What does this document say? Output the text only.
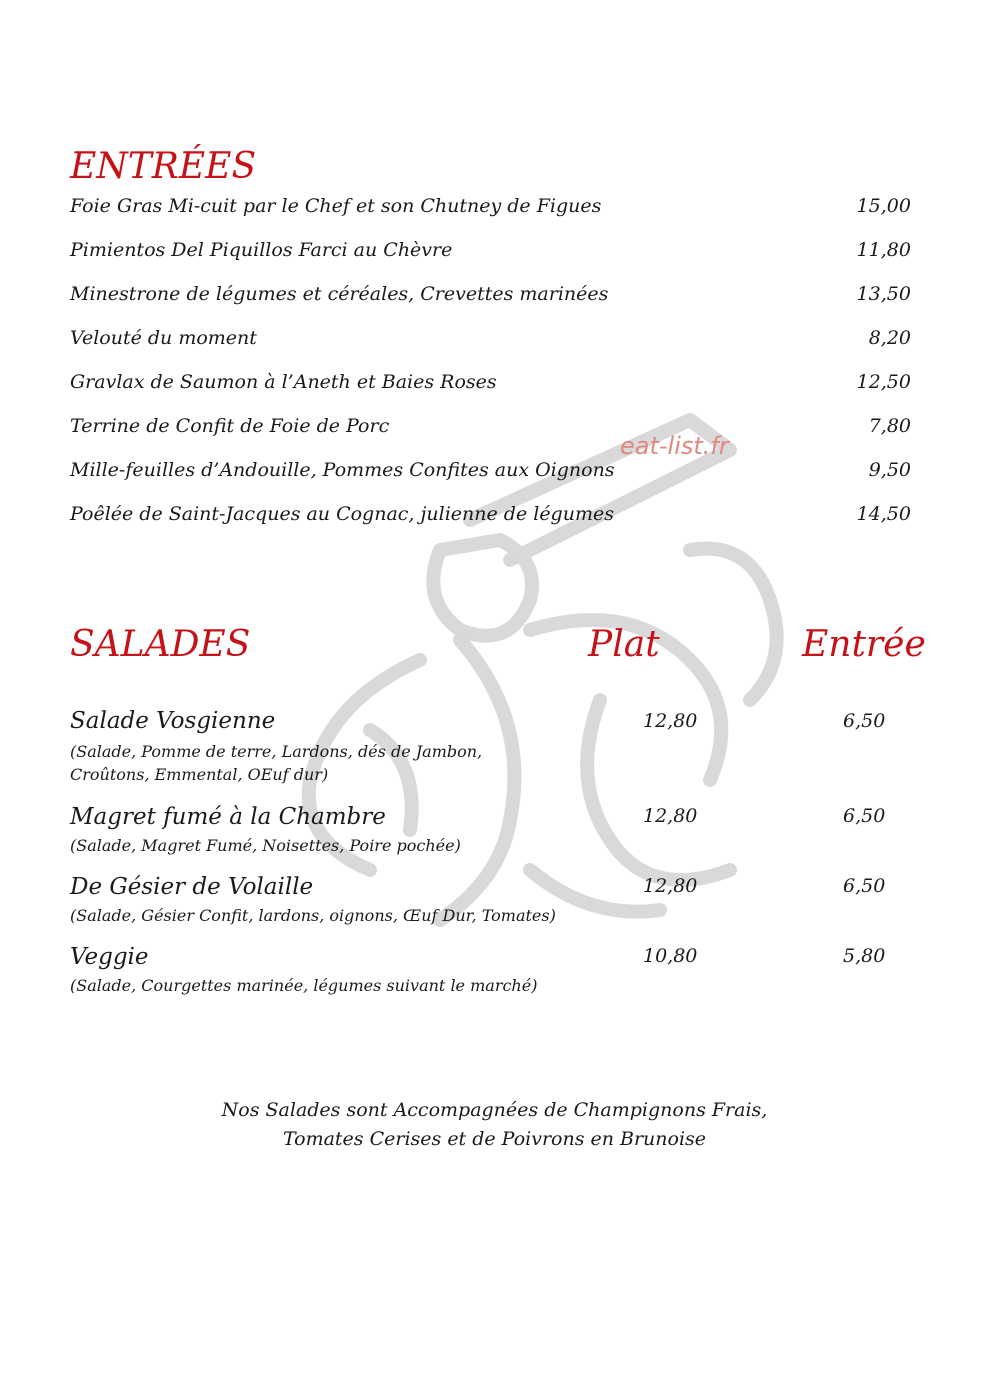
eat-list.fr
ENTRÉES
Foie Gras Mi-cuit par le Chef et son Chutney de Figues	15,00
Pimientos Del Piquillos Farci au Chèvre	11,80
Minestrone de légumes et céréales, Crevettes marinées	13,50
Velouté du moment	8,20
Gravlax de Saumon à l’Aneth et Baies Roses	12,50
Terrine de Confit de Foie de Porc	7,80
Mille-feuilles d’Andouille, Pommes Confites aux Oignons	9,50
Poêlée de Saint-Jacques au Cognac, julienne de légumes	14,50
SALADES	Plat	Entrée
Salade Vosgienne	12,80	6,50
(Salade, Pomme de terre, Lardons, dés de Jambon,
Croûtons, Emmental, OEuf dur)
Magret fumé à la Chambre	12,80	6,50
(Salade, Magret Fumé, Noisettes, Poire pochée)
De Gésier de Volaille	12,80	6,50
(Salade, Gésier Confit, lardons, oignons, Œuf Dur, Tomates)
Veggie	10,80	5,80
(Salade, Courgettes marinée, légumes suivant le marché)
Nos Salades sont Accompagnées de Champignons Frais,
Tomates Cerises et de Poivrons en Brunoise
